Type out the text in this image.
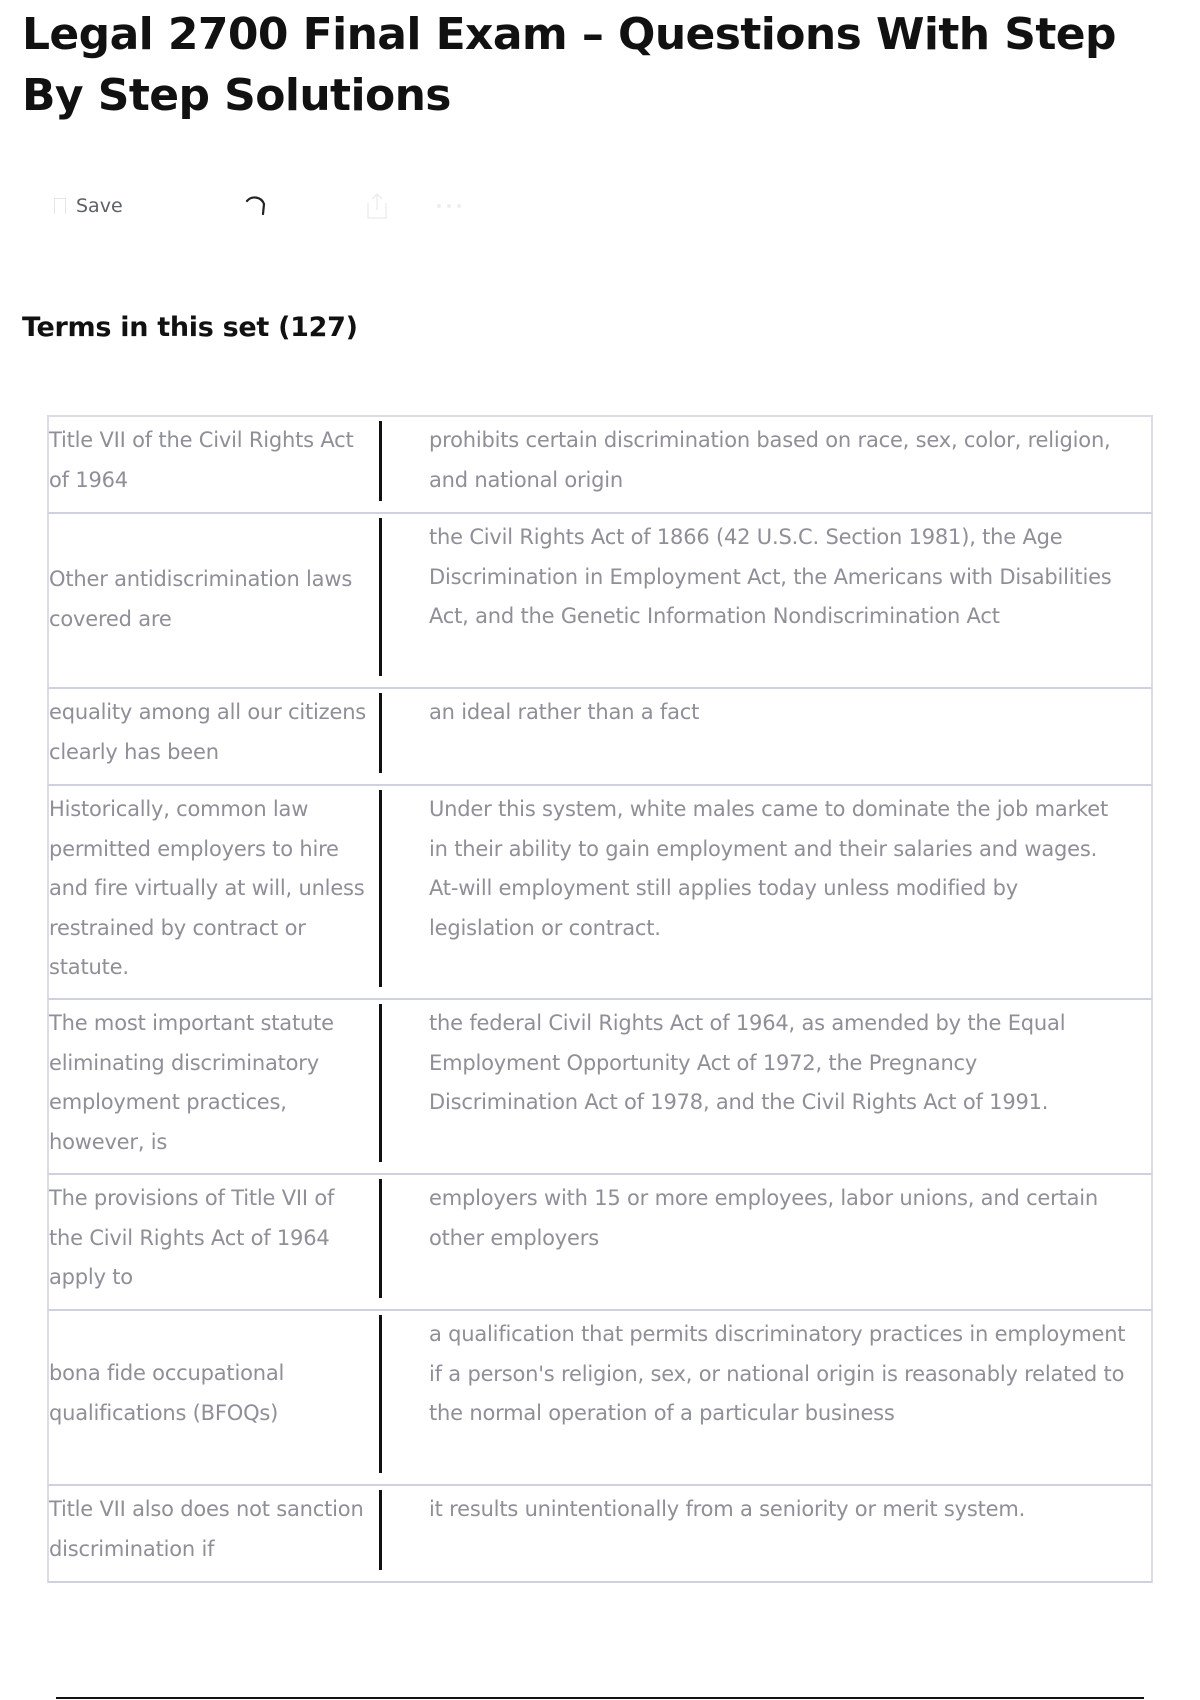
Legal 2700 Final Exam – Questions With Step By Step Solutions
Save
Terms in this set (127)
Title VII of the Civil Rights Act of 1964
prohibits certain discrimination based on race, sex, color, religion, and national origin
Other antidiscrimination laws covered are
the Civil Rights Act of 1866 (42 U.S.C. Section 1981), the Age Discrimination in Employment Act, the Americans with Disabilities Act, and the Genetic Information Nondiscrimination Act
equality among all our citizens clearly has been
an ideal rather than a fact
Historically, common law permitted employers to hire and fire virtually at will, unless restrained by contract or statute.
Under this system, white males came to dominate the job market in their ability to gain employment and their salaries and wages. At-will employment still applies today unless modified by legislation or contract.
The most important statute eliminating discriminatory employment practices, however, is
the federal Civil Rights Act of 1964, as amended by the Equal Employment Opportunity Act of 1972, the Pregnancy Discrimination Act of 1978, and the Civil Rights Act of 1991.
The provisions of Title VII of the Civil Rights Act of 1964 apply to
employers with 15 or more employees, labor unions, and certain other employers
bona fide occupational qualifications (BFOQs)
a qualification that permits discriminatory practices in employment if a person's religion, sex, or national origin is reasonably related to the normal operation of a particular business
Title VII also does not sanction discrimination if
it results unintentionally from a seniority or merit system.
